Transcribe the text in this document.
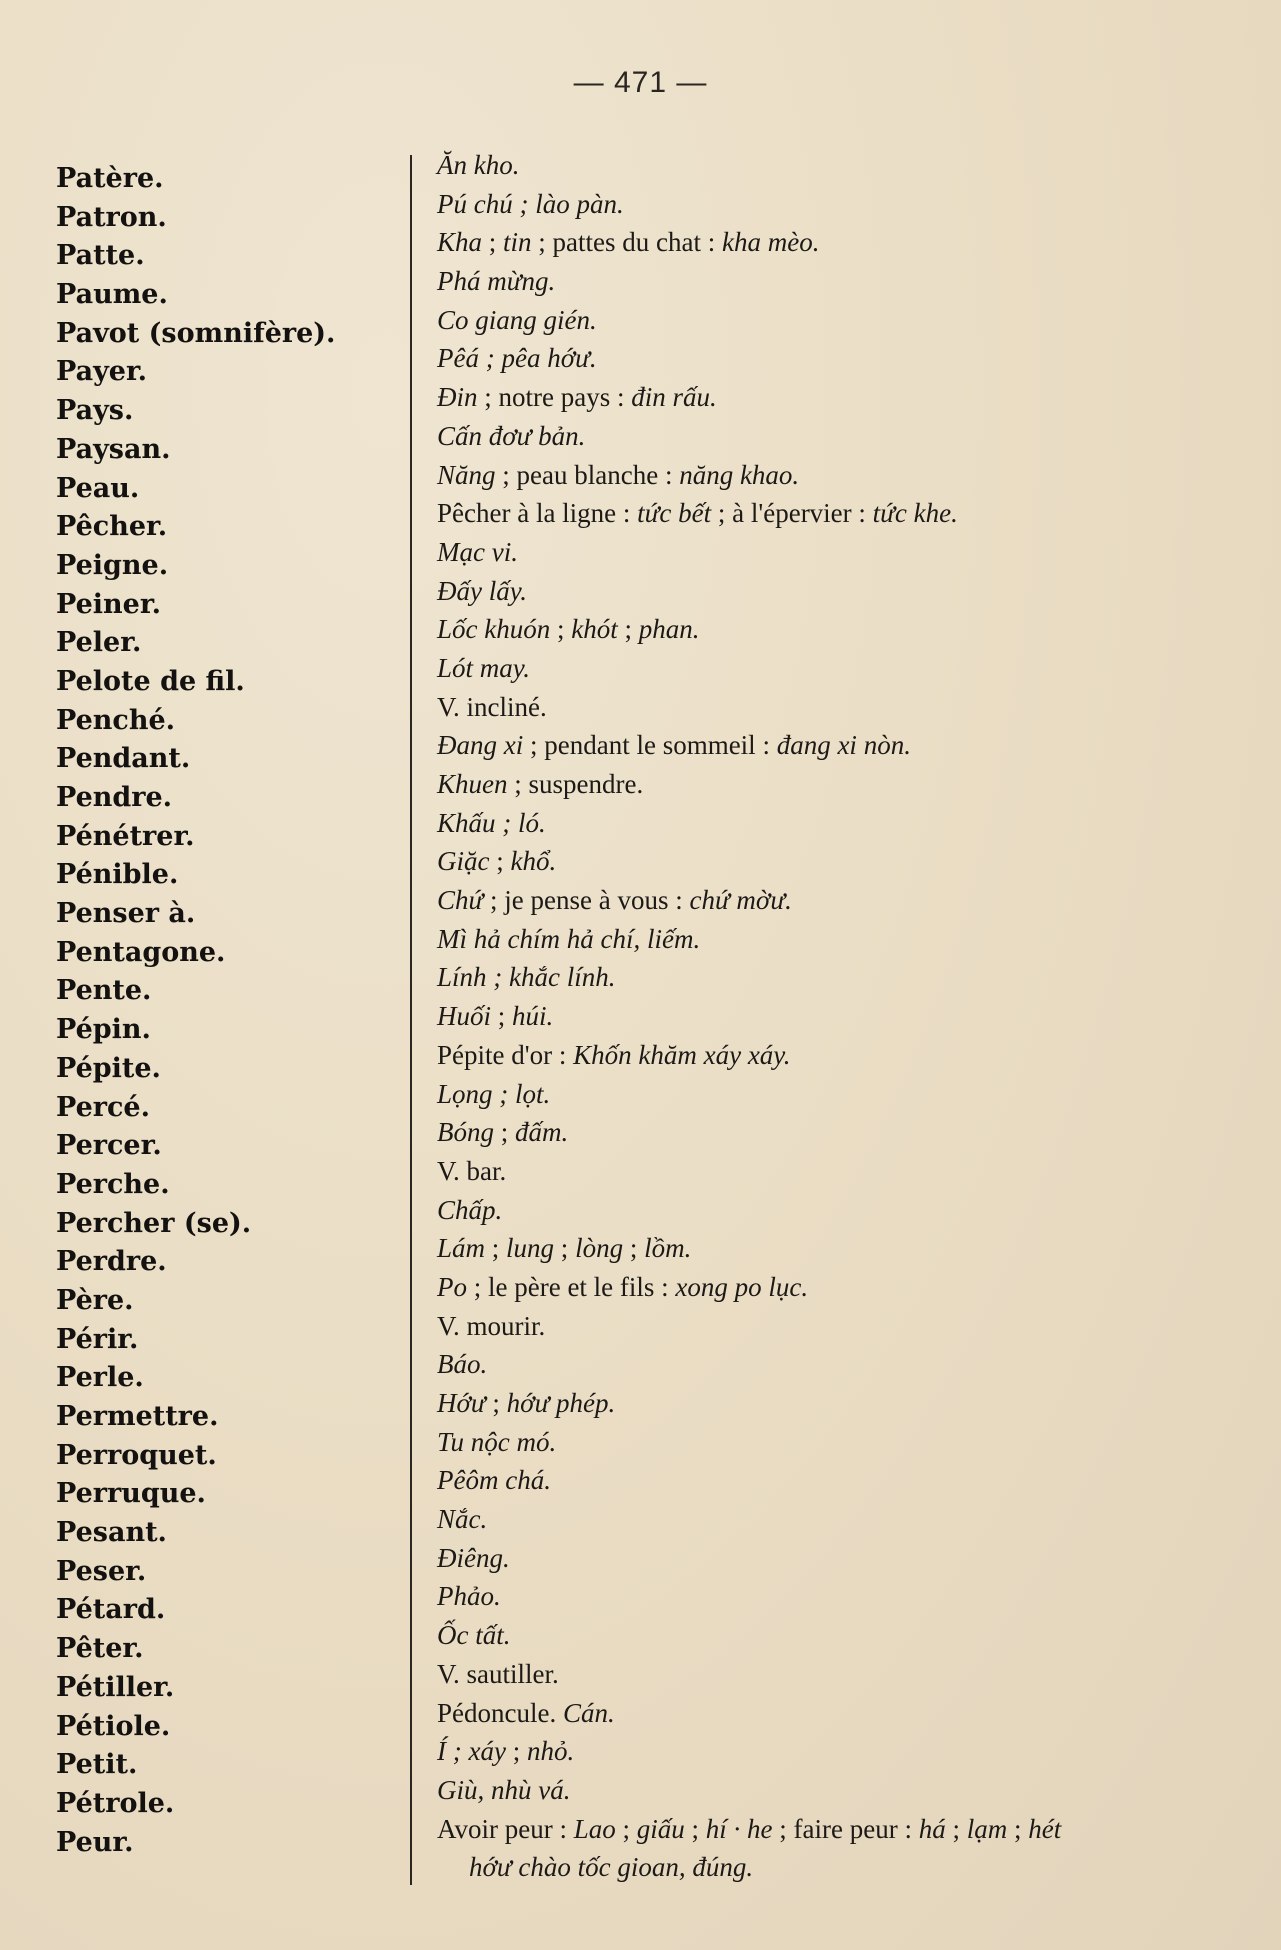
— 471 —
Patère.
Patron.
Patte.
Paume.
Pavot (somnifère).
Payer.
Pays.
Paysan.
Peau.
Pêcher.
Peigne.
Peiner.
Peler.
Pelote de fil.
Penché.
Pendant.
Pendre.
Pénétrer.
Pénible.
Penser à.
Pentagone.
Pente.
Pépin.
Pépite.
Percé.
Percer.
Perche.
Percher (se).
Perdre.
Père.
Périr.
Perle.
Permettre.
Perroquet.
Perruque.
Pesant.
Peser.
Pétard.
Pêter.
Pétiller.
Pétiole.
Petit.
Pétrole.
Peur.
Ăn kho.
Pú chú ; lào pàn.
Kha ; tin ; pattes du chat : kha mèo.
Phá mừng.
Co giang gién.
Pêá ; pêa hớư.
Đin ; notre pays : đin rấu.
Cấn đơư bản.
Năng ; peau blanche : năng khao.
Pêcher à la ligne : tức bết ; à l'épervier : tức khe.
Mạc vi.
Đấy lấy.
Lốc khuón ; khót ; phan.
Lót may.
V. incliné.
Đang xi ; pendant le sommeil : đang xi nòn.
Khuen ; suspendre.
Khấu ; ló.
Giặc ; khổ.
Chứ ; je pense à vous : chứ mờư.
Mì hả chím hả chí, liếm.
Lính ; khắc lính.
Huối ; húi.
Pépite d'or : Khốn khăm xáy xáy.
Lọng ; lọt.
Bóng ; đấm.
V. bar.
Chấp.
Lám ; lung ; lòng ; lồm.
Po ; le père et le fils : xong po lục.
V. mourir.
Báo.
Hớư ; hớư phép.
Tu nộc mó.
Pêôm chá.
Nắc.
Điêng.
Phảo.
Ốc tất.
V. sautiller.
Pédoncule. Cán.
Í ; xáy ; nhỏ.
Giù, nhù vá.
Avoir peur : Lao ; giấu ; hí · he ; faire peur : há ; lạm ; hét
hớư chào tốc gioan, đúng.
